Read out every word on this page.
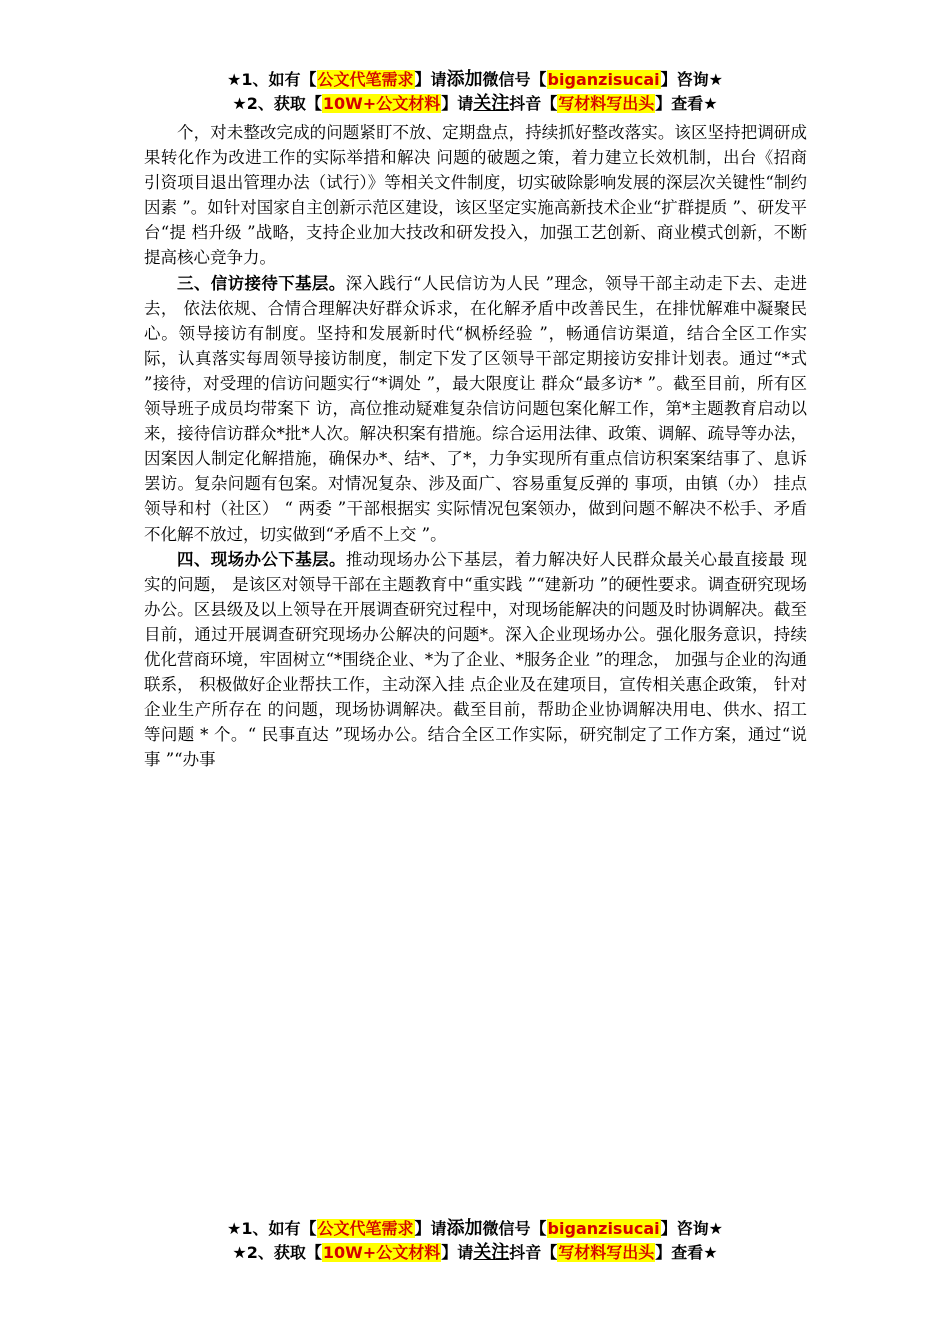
★1、如有【公文代笔需求】请添加微信号【biganzisucai】咨询★
★2、获取【10W+公文材料】请关注抖音【写材料写出头】查看★

个，对未整改完成的问题紧盯不放、定期盘点，持续抓好整改落实。该区坚持把调研成果转化作为改进工作的实际举措和解决 问题的破题之策，着力建立长效机制，出台《招商引资项目退出管理办法（试行）》等相关文件制度，切实破除影响发展的深层次关键性“制约因素 ”。如针对国家自主创新示范区建设，该区坚定实施高新技术企业“扩群提质 ”、研发平台“提 档升级 ”战略，支持企业加大技改和研发投入，加强工艺创新、商业模式创新，不断提高核心竞争力。

三、信访接待下基层。深入践行“人民信访为人民 ”理念，领导干部主动走下去、走进去， 依法依规、合情合理解决好群众诉求，在化解矛盾中改善民生，在排忧解难中凝聚民心。领导接访有制度。坚持和发展新时代“枫桥经验 ”，畅通信访渠道，结合全区工作实际，认真落实每周领导接访制度，制定下发了区领导干部定期接访安排计划表。通过“*式 ”接待，对受理的信访问题实行“*调处 ”，最大限度让 群众“最多访* ”。截至目前，所有区领导班子成员均带案下 访，高位推动疑难复杂信访问题包案化解工作，第*主题教育启动以来，接待信访群众*批*人次。解决积案有措施。综合运用法律、政策、调解、疏导等办法， 因案因人制定化解措施，确保办*、结*、了*，力争实现所有重点信访积案案结事了、息诉罢访。复杂问题有包案。对情况复杂、涉及面广、容易重复反弹的 事项，由镇（办） 挂点领导和村（社区） “ 两委 ”干部根据实 实际情况包案领办，做到问题不解决不松手、矛盾不化解不放过，切实做到“矛盾不上交 ”。

四、现场办公下基层。推动现场办公下基层，着力解决好人民群众最关心最直接最 现实的问题， 是该区对领导干部在主题教育中“重实践 ”“建新功 ”的硬性要求。调查研究现场办公。区县级及以上领导在开展调查研究过程中，对现场能解决的问题及时协调解决。截至目前，通过开展调查研究现场办公解决的问题*。深入企业现场办公。强化服务意识，持续优化营商环境，牢固树立“*围绕企业、*为了企业、*服务企业 ”的理念， 加强与企业的沟通联系， 积极做好企业帮扶工作，主动深入挂 点企业及在建项目，宣传相关惠企政策， 针对企业生产所存在 的问题，现场协调解决。截至目前，帮助企业协调解决用电、供水、招工等问题 * 个。“ 民事直达 ”现场办公。结合全区工作实际，研究制定了工作方案，通过“说事 ”“办事

★1、如有【公文代笔需求】请添加微信号【biganzisucai】咨询★
★2、获取【10W+公文材料】请关注抖音【写材料写出头】查看★
